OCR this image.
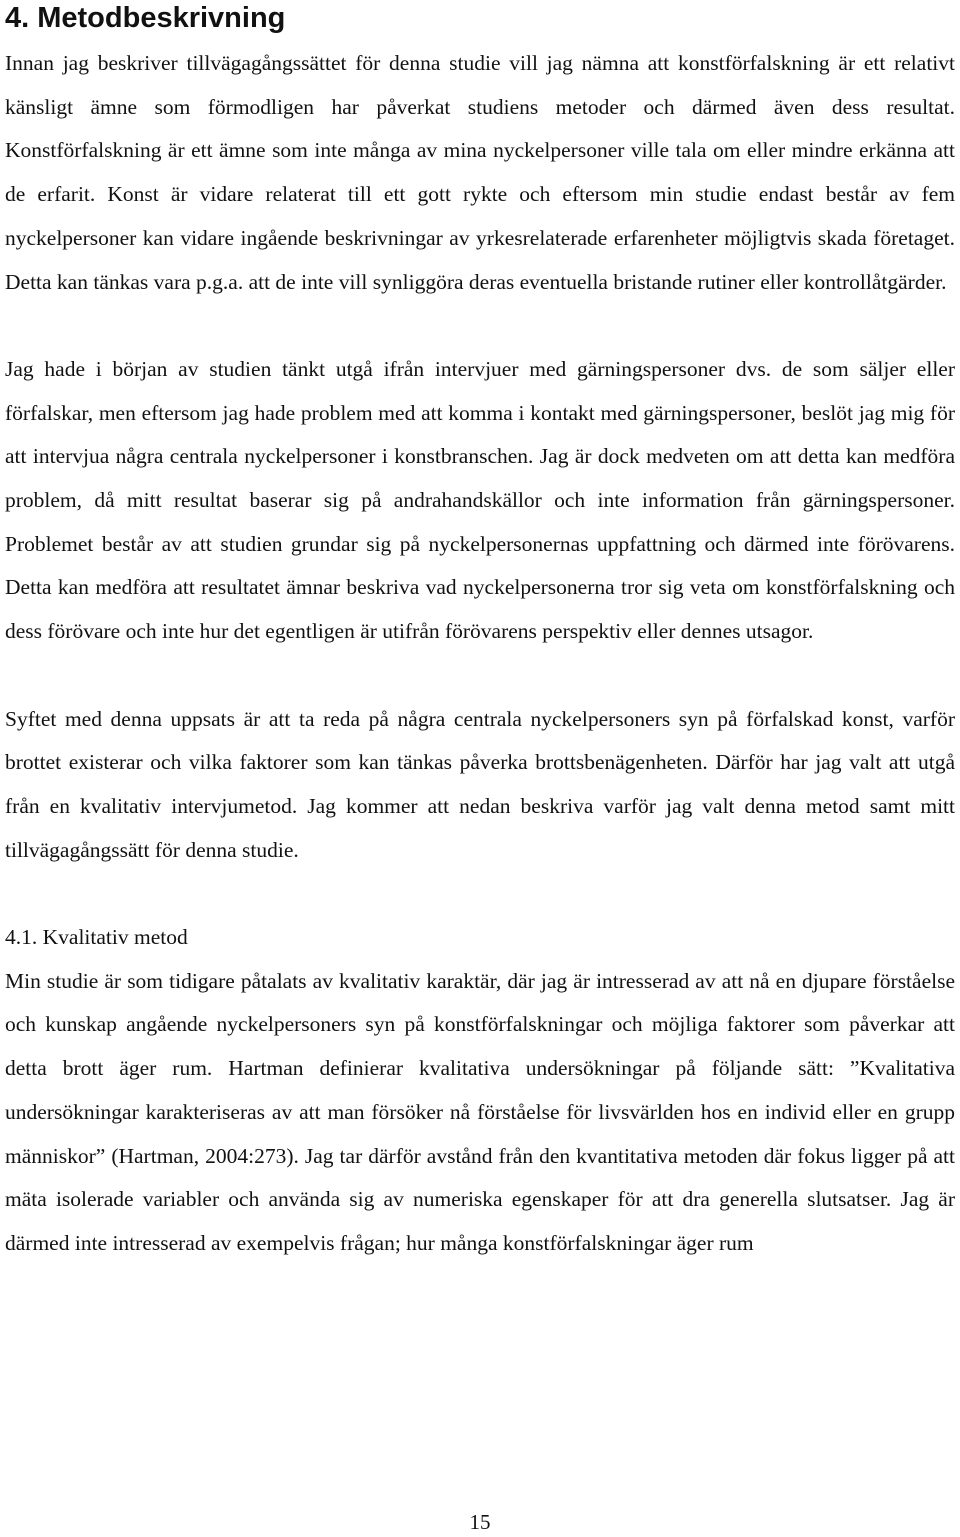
4. Metodbeskrivning

Innan jag beskriver tillvägagångssättet för denna studie vill jag nämna att konstförfalskning är ett relativt känsligt ämne som förmodligen har påverkat studiens metoder och därmed även dess resultat. Konstförfalskning är ett ämne som inte många av mina nyckelpersoner ville tala om eller mindre erkänna att de erfarit. Konst är vidare relaterat till ett gott rykte och eftersom min studie endast består av fem nyckelpersoner kan vidare ingående beskrivningar av yrkesrelaterade erfarenheter möjligtvis skada företaget. Detta kan tänkas vara p.g.a. att de inte vill synliggöra deras eventuella bristande rutiner eller kontrollåtgärder.

Jag hade i början av studien tänkt utgå ifrån intervjuer med gärningspersoner dvs. de som säljer eller förfalskar, men eftersom jag hade problem med att komma i kontakt med gärningspersoner, beslöt jag mig för att intervjua några centrala nyckelpersoner i konstbranschen. Jag är dock medveten om att detta kan medföra problem, då mitt resultat baserar sig på andrahandskällor och inte information från gärningspersoner. Problemet består av att studien grundar sig på nyckelpersonernas uppfattning och därmed inte förövarens. Detta kan medföra att resultatet ämnar beskriva vad nyckelpersonerna tror sig veta om konstförfalskning och dess förövare och inte hur det egentligen är utifrån förövarens perspektiv eller dennes utsagor.

Syftet med denna uppsats är att ta reda på några centrala nyckelpersoners syn på förfalskad konst, varför brottet existerar och vilka faktorer som kan tänkas påverka brottsbenägenheten. Därför har jag valt att utgå från en kvalitativ intervjumetod. Jag kommer att nedan beskriva varför jag valt denna metod samt mitt tillvägagångssätt för denna studie.

4.1. Kvalitativ metod

Min studie är som tidigare påtalats av kvalitativ karaktär, där jag är intresserad av att nå en djupare förståelse och kunskap angående nyckelpersoners syn på konstförfalskningar och möjliga faktorer som påverkar att detta brott äger rum. Hartman definierar kvalitativa undersökningar på följande sätt: ”Kvalitativa undersökningar karakteriseras av att man försöker nå förståelse för livsvärlden hos en individ eller en grupp människor” (Hartman, 2004:273). Jag tar därför avstånd från den kvantitativa metoden där fokus ligger på att mäta isolerade variabler och använda sig av numeriska egenskaper för att dra generella slutsatser. Jag är därmed inte intresserad av exempelvis frågan; hur många konstförfalskningar äger rum

15
